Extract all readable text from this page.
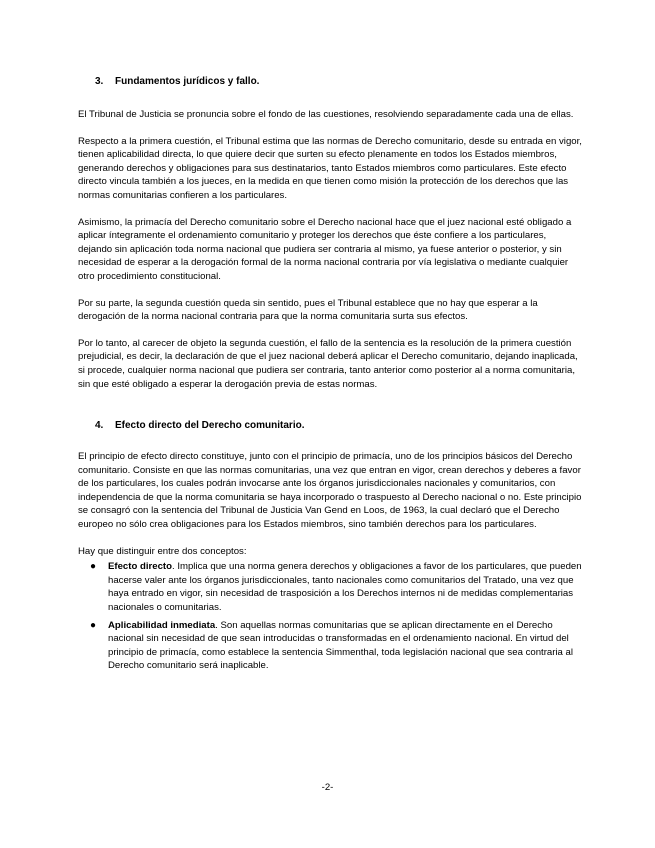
3.	Fundamentos jurídicos y fallo.

El Tribunal de Justicia se pronuncia sobre el fondo de las cuestiones, resolviendo separadamente cada una de ellas.

Respecto a la primera cuestión, el Tribunal estima que las normas de Derecho comunitario, desde su entrada en vigor, tienen aplicabilidad directa, lo que quiere decir que surten su efecto plenamente en todos los Estados miembros, generando derechos y obligaciones para sus destinatarios, tanto Estados miembros como particulares. Este efecto directo vincula también a los jueces, en la medida en que tienen como misión la protección de los derechos que las normas comunitarias confieren a los particulares.

Asimismo, la primacía del Derecho comunitario sobre el Derecho nacional hace que el juez nacional esté obligado a aplicar íntegramente el ordenamiento comunitario y proteger los derechos que éste confiere a los particulares, dejando sin aplicación toda norma nacional que pudiera ser contraria al mismo, ya fuese anterior o posterior, y sin necesidad de esperar a la derogación formal de la norma nacional contraria por vía legislativa o mediante cualquier otro procedimiento constitucional.

Por su parte, la segunda cuestión queda sin sentido, pues el Tribunal establece que no hay que esperar a la derogación de la norma nacional contraria para que la norma comunitaria surta sus efectos.

Por lo tanto, al carecer de objeto la segunda cuestión, el fallo de la sentencia es la resolución de la primera cuestión prejudicial, es decir, la declaración de que el juez nacional deberá aplicar el Derecho comunitario, dejando inaplicada, si procede, cualquier norma nacional que pudiera ser contraria, tanto anterior como posterior al a norma comunitaria, sin que esté obligado a esperar la derogación previa de estas normas.

4.	Efecto directo del Derecho comunitario.

El principio de efecto directo constituye, junto con el principio de primacía, uno de los principios básicos del Derecho comunitario. Consiste en que las normas comunitarias, una vez que entran en vigor, crean derechos y deberes a favor de los particulares, los cuales podrán invocarse ante los órganos jurisdiccionales nacionales y comunitarios, con independencia de que la norma comunitaria se haya incorporado o traspuesto al Derecho nacional o no. Este principio se consagró con la sentencia del Tribunal de Justicia Van Gend en Loos, de 1963, la cual declaró que el Derecho europeo no sólo crea obligaciones para los Estados miembros, sino también derechos para los particulares.

Hay que distinguir entre dos conceptos:

● Efecto directo. Implica que una norma genera derechos y obligaciones a favor de los particulares, que pueden hacerse valer ante los órganos jurisdiccionales, tanto nacionales como comunitarios del Tratado, una vez que haya entrado en vigor, sin necesidad de trasposición a los Derechos internos ni de medidas complementarias nacionales o comunitarias.
● Aplicabilidad inmediata. Son aquellas normas comunitarias que se aplican directamente en el Derecho nacional sin necesidad de que sean introducidas o transformadas en el ordenamiento nacional. En virtud del principio de primacía, como establece la sentencia Simmenthal, toda legislación nacional que sea contraria al Derecho comunitario será inaplicable.
-2-
